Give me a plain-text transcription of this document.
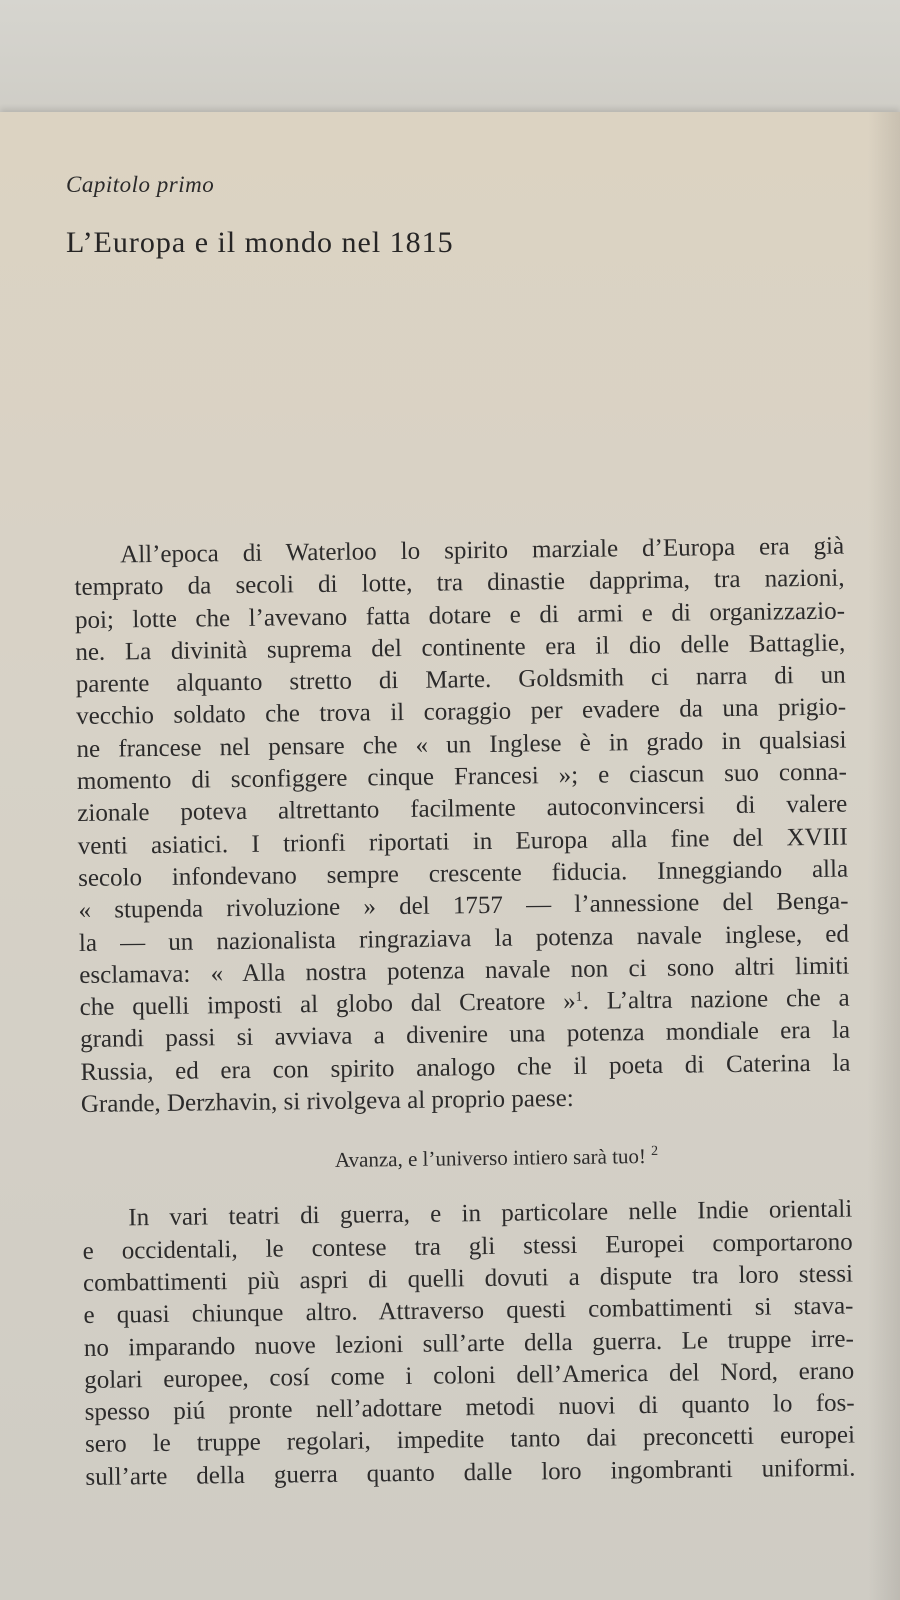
Capitolo primo

L’Europa e il mondo nel 1815
All’epoca di Waterloo lo spirito marziale d’Europa era già
temprato da secoli di lotte, tra dinastie dapprima, tra nazioni,
poi; lotte che l’avevano fatta dotare e di armi e di organizzazio-
ne. La divinità suprema del continente era il dio delle Battaglie,
parente alquanto stretto di Marte. Goldsmith ci narra di un
vecchio soldato che trova il coraggio per evadere da una prigio-
ne francese nel pensare che « un Inglese è in grado in qualsiasi
momento di sconfiggere cinque Francesi »; e ciascun suo conna-
zionale poteva altrettanto facilmente autoconvincersi di valere
venti asiatici. I trionfi riportati in Europa alla fine del XVIII
secolo infondevano sempre crescente fiducia. Inneggiando alla
« stupenda rivoluzione » del 1757 — l’annessione del Benga-
la — un nazionalista ringraziava la potenza navale inglese, ed
esclamava: « Alla nostra potenza navale non ci sono altri limiti
che quelli imposti al globo dal Creatore »$^1$. L’altra nazione che a
grandi passi si avviava a divenire una potenza mondiale era la
Russia, ed era con spirito analogo che il poeta di Caterina la
Grande, Derzhavin, si rivolgeva al proprio paese:
Avanza, e l’universo intiero sarà tuo! $^2$
In vari teatri di guerra, e in particolare nelle Indie orientali
e occidentali, le contese tra gli stessi Europei comportarono
combattimenti più aspri di quelli dovuti a dispute tra loro stessi
e quasi chiunque altro. Attraverso questi combattimenti si stava-
no imparando nuove lezioni sull’arte della guerra. Le truppe irre-
golari europee, cosí come i coloni dell’America del Nord, erano
spesso piú pronte nell’adottare metodi nuovi di quanto lo fos-
sero le truppe regolari, impedite tanto dai preconcetti europei
sull’arte della guerra quanto dalle loro ingombranti uniformi.
